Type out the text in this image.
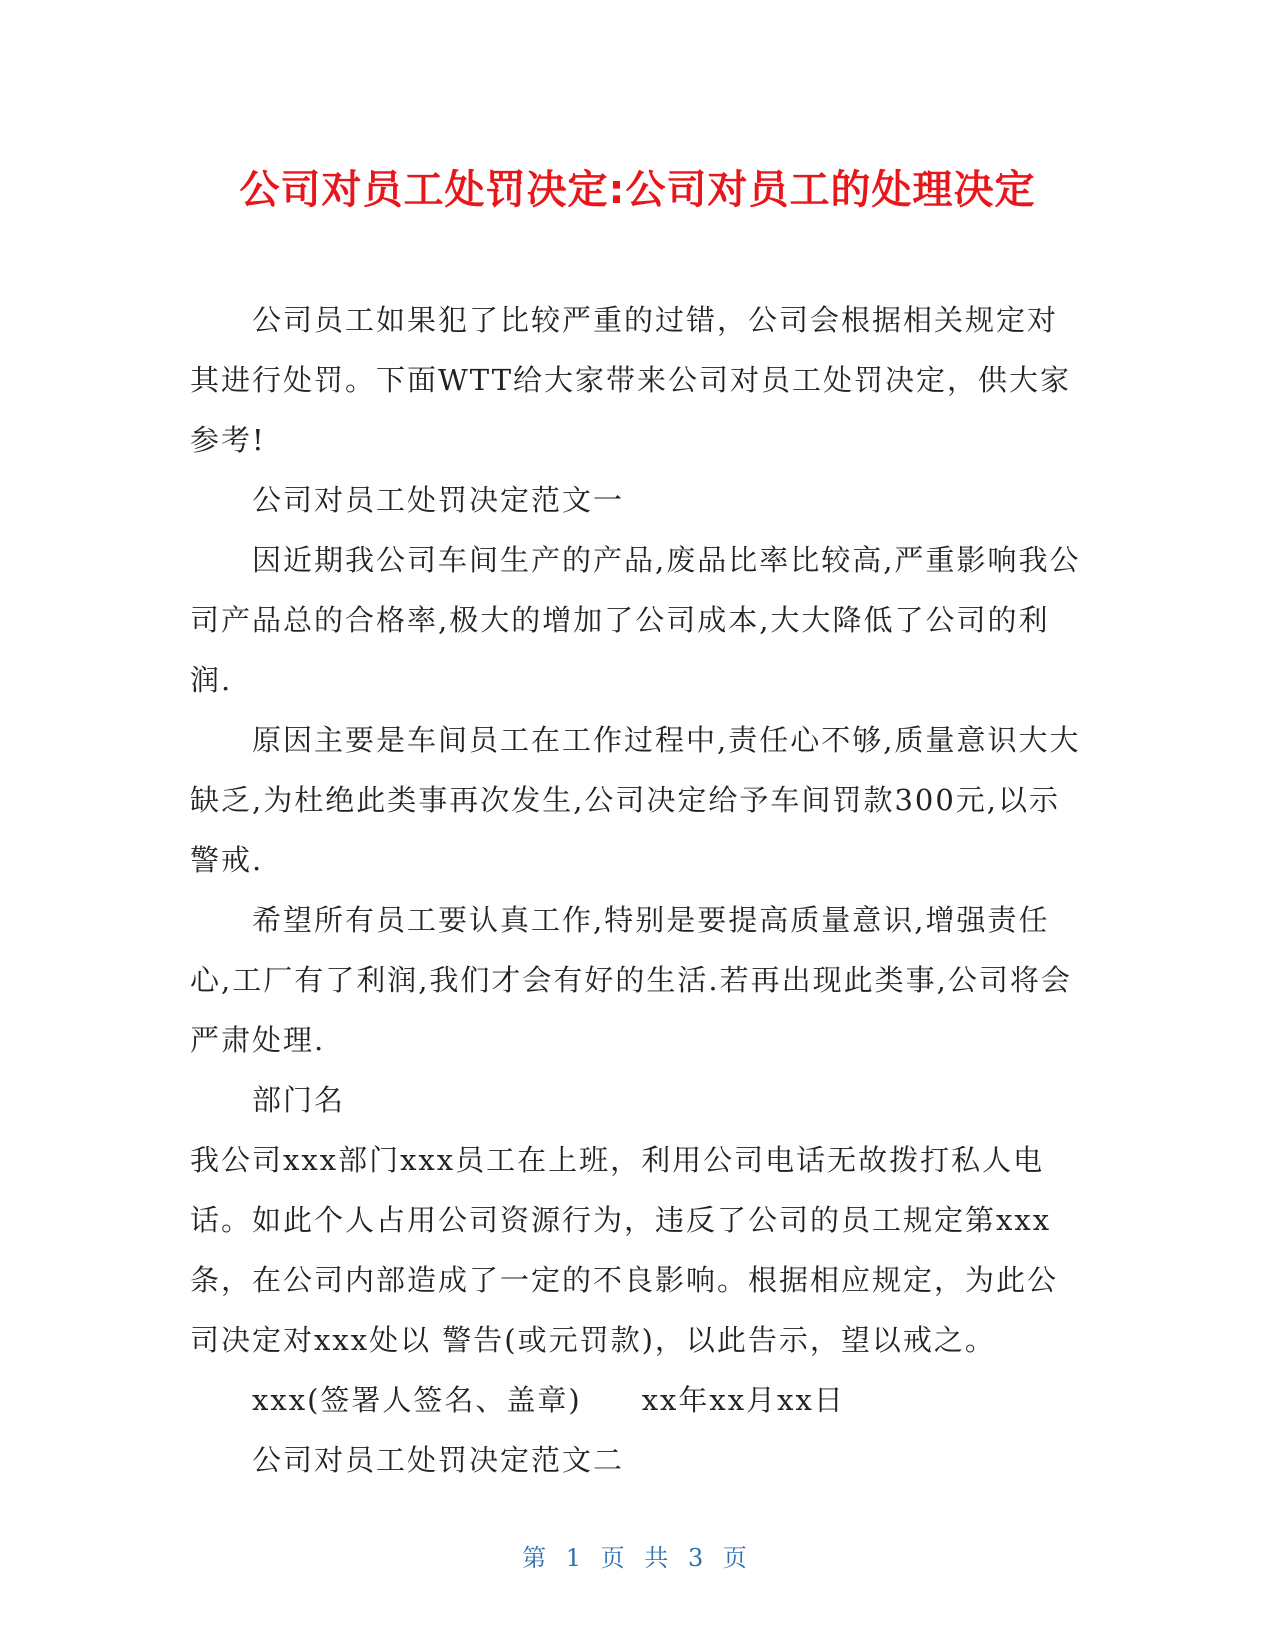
公司对员工处罚决定:公司对员工的处理决定

公司员工如果犯了比较严重的过错，公司会根据相关规定对其进行处罚。下面WTT给大家带来公司对员工处罚决定，供大家参考!

公司对员工处罚决定范文一

因近期我公司车间生产的产品,废品比率比较高,严重影响我公司产品总的合格率,极大的增加了公司成本,大大降低了公司的利润.

原因主要是车间员工在工作过程中,责任心不够,质量意识大大缺乏,为杜绝此类事再次发生,公司决定给予车间罚款300元,以示警戒.

希望所有员工要认真工作,特别是要提高质量意识,增强责任心,工厂有了利润,我们才会有好的生活.若再出现此类事,公司将会严肃处理.

部门名

我公司xxx部门xxx员工在上班，利用公司电话无故拨打私人电话。如此个人占用公司资源行为，违反了公司的员工规定第xxx条，在公司内部造成了一定的不良影响。根据相应规定，为此公司决定对xxx处以 警告(或元罚款)，以此告示，望以戒之。

xxx(签署人签名、盖章) xx年xx月xx日

公司对员工处罚决定范文二

第 1 页 共 3 页
